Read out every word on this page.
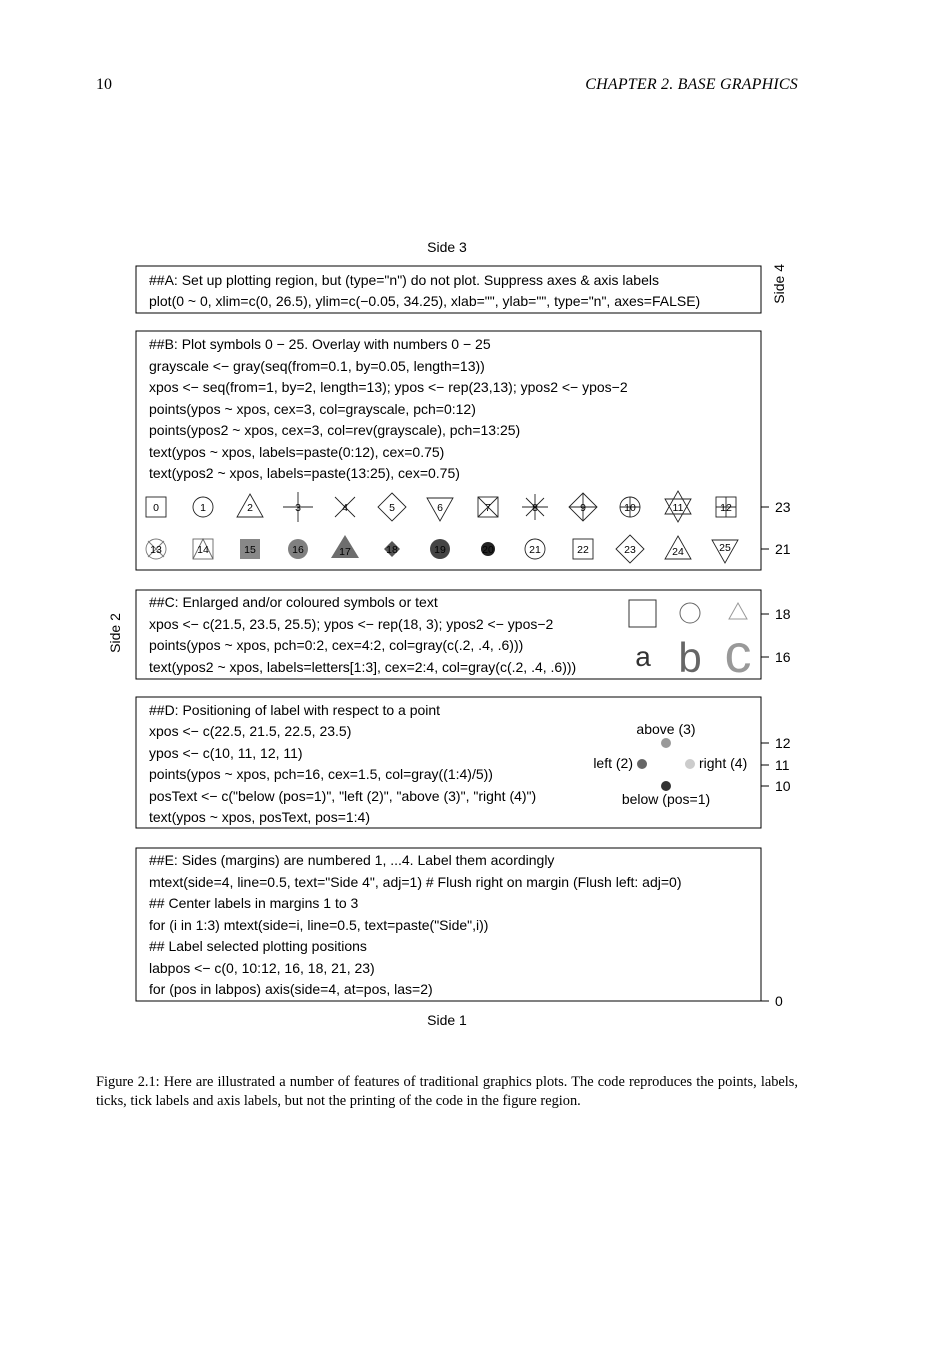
10	CHAPTER 2. BASE GRAPHICS
Side 3
Side 1
Side 2
Side 4
##A: Set up plotting region, but (type="n") do not plot. Suppress axes & axis labels
plot(0 ~ 0, xlim=c(0, 26.5), ylim=c(−0.05, 34.25), xlab="", ylab="", type="n", axes=FALSE)
##B: Plot symbols 0 − 25. Overlay with numbers 0 − 25
grayscale <− gray(seq(from=0.1, by=0.05, length=13))
xpos <− seq(from=1, by=2, length=13); ypos <− rep(23,13); ypos2 <− ypos−2
points(ypos ~ xpos, cex=3, col=grayscale, pch=0:12)
points(ypos2 ~ xpos, cex=3, col=rev(grayscale), pch=13:25)
text(ypos ~ xpos, labels=paste(0:12), cex=0.75)
text(ypos2 ~ xpos, labels=paste(13:25), cex=0.75)
0	1	2	3	4	5	6	7	8	9	10	11	12
13	14	15	16	17	18	19	20	21	22	23	24	25
##C: Enlarged and/or coloured symbols or text
xpos <− c(21.5, 23.5, 25.5); ypos <− rep(18, 3); ypos2 <− ypos−2
points(ypos ~ xpos, pch=0:2, cex=4:2, col=gray(c(.2, .4, .6)))
text(ypos2 ~ xpos, labels=letters[1:3], cex=2:4, col=gray(c(.2, .4, .6))) a b c
##D: Positioning of label with respect to a point
xpos <− c(22.5, 21.5, 22.5, 23.5)
ypos <− c(10, 11, 12, 11)
points(ypos ~ xpos, pch=16, cex=1.5, col=gray((1:4)/5))
posText <− c("below (pos=1)", "left (2)", "above (3)", "right (4)")
text(ypos ~ xpos, posText, pos=1:4)
below (pos=1)
left (2)
above (3)
right (4)
##E: Sides (margins) are numbered 1, ...4. Label them acordingly
mtext(side=4, line=0.5, text="Side 4", adj=1) # Flush right on margin (Flush left: adj=0)
## Center labels in margins 1 to 3
for (i in 1:3) mtext(side=i, line=0.5, text=paste("Side",i))
## Label selected plotting positions
labpos <− c(0, 10:12, 16, 18, 21, 23)
for (pos in labpos) axis(side=4, at=pos, las=2)
23
21
18
16
12
11
10
0

Figure 2.1: Here are illustrated a number of features of traditional graphics plots. The code reproduces the points, labels, ticks, tick labels and axis labels, but not the printing of the code in the figure region.
